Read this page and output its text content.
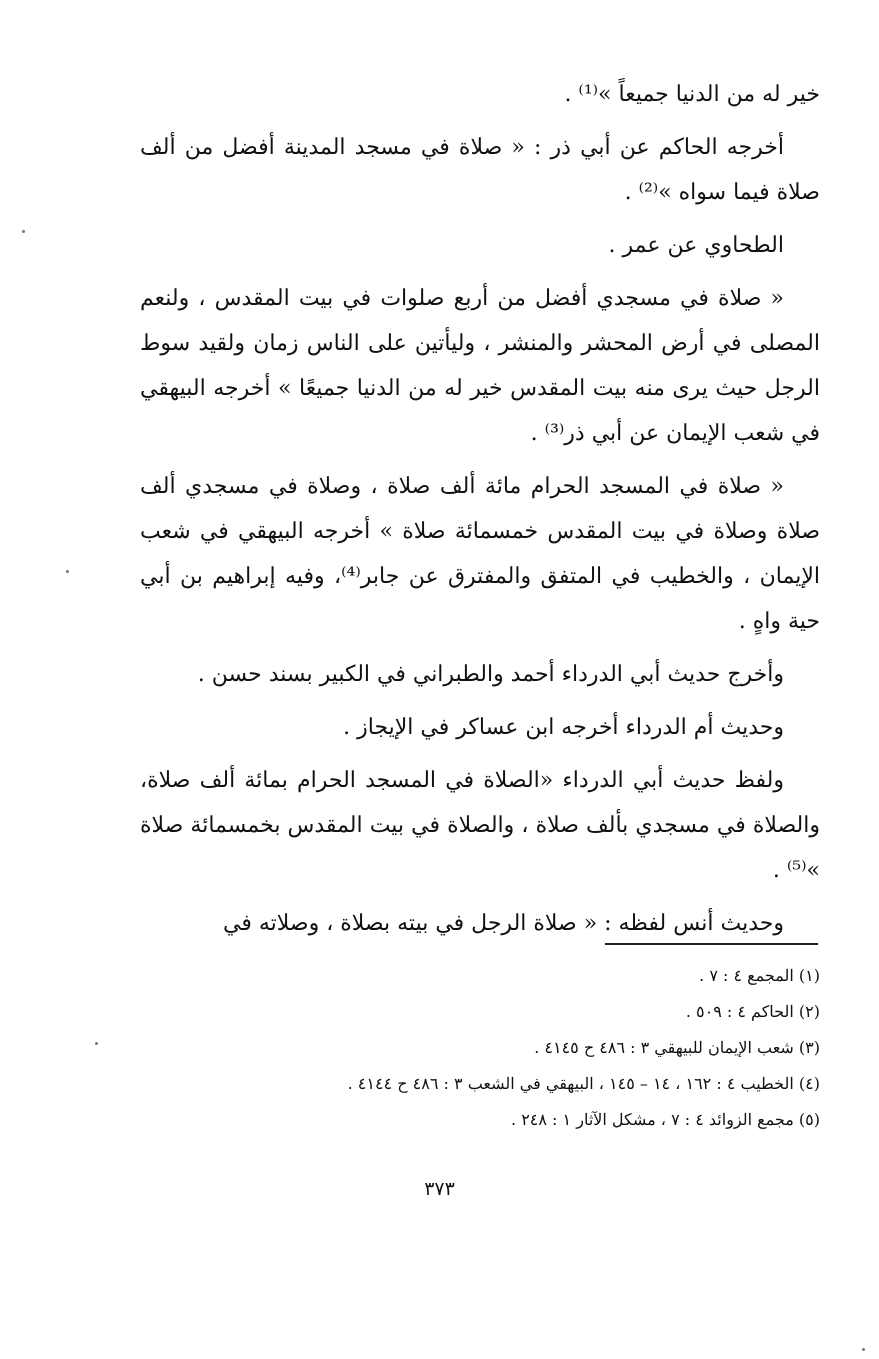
خير له من الدنيا جميعاً »⁽¹⁾ .

أخرجه الحاكم عن أبي ذر : « صلاة في مسجد المدينة أفضل من ألف صلاة فيما سواه »⁽²⁾ .

الطحاوي عن عمر .

« صلاة في مسجدي أفضل من أربع صلوات في بيت المقدس ، ولنعم المصلى في أرض المحشر والمنشر ، وليأتين على الناس زمان ولقيد سوط الرجل حيث يرى منه بيت المقدس خير له من الدنيا جميعًا » أخرجه البيهقي في شعب الإيمان عن أبي ذر⁽³⁾ .

« صلاة في المسجد الحرام مائة ألف صلاة ، وصلاة في مسجدي ألف صلاة وصلاة في بيت المقدس خمسمائة صلاة » أخرجه البيهقي في شعب الإيمان ، والخطيب في المتفق والمفترق عن جابر⁽⁴⁾، وفيه إبراهيم بن أبي حية واهٍ .

وأخرج حديث أبي الدرداء أحمد والطبراني في الكبير بسند حسن .

وحديث أم الدرداء أخرجه ابن عساكر في الإيجاز .

ولفظ حديث أبي الدرداء «الصلاة في المسجد الحرام بمائة ألف صلاة، والصلاة في مسجدي بألف صلاة ، والصلاة في بيت المقدس بخمسمائة صلاة »⁽⁵⁾ .

وحديث أنس لفظه : « صلاة الرجل في بيته بصلاة ، وصلاته في

(١) المجمع ٤ : ٧ .

(٢) الحاكم ٤ : ٥٠٩ .

(٣) شعب الإيمان للبيهقي ٣ : ٤٨٦ ح ٤١٤٥ .

(٤) الخطيب ٤ : ١٦٢ ، ١٤ – ١٤٥ ، البيهقي في الشعب ٣ : ٤٨٦ ح ٤١٤٤ .

(٥) مجمع الزوائد ٤ : ٧ ، مشكل الآثار ١ : ٢٤٨ .

٣٧٣
